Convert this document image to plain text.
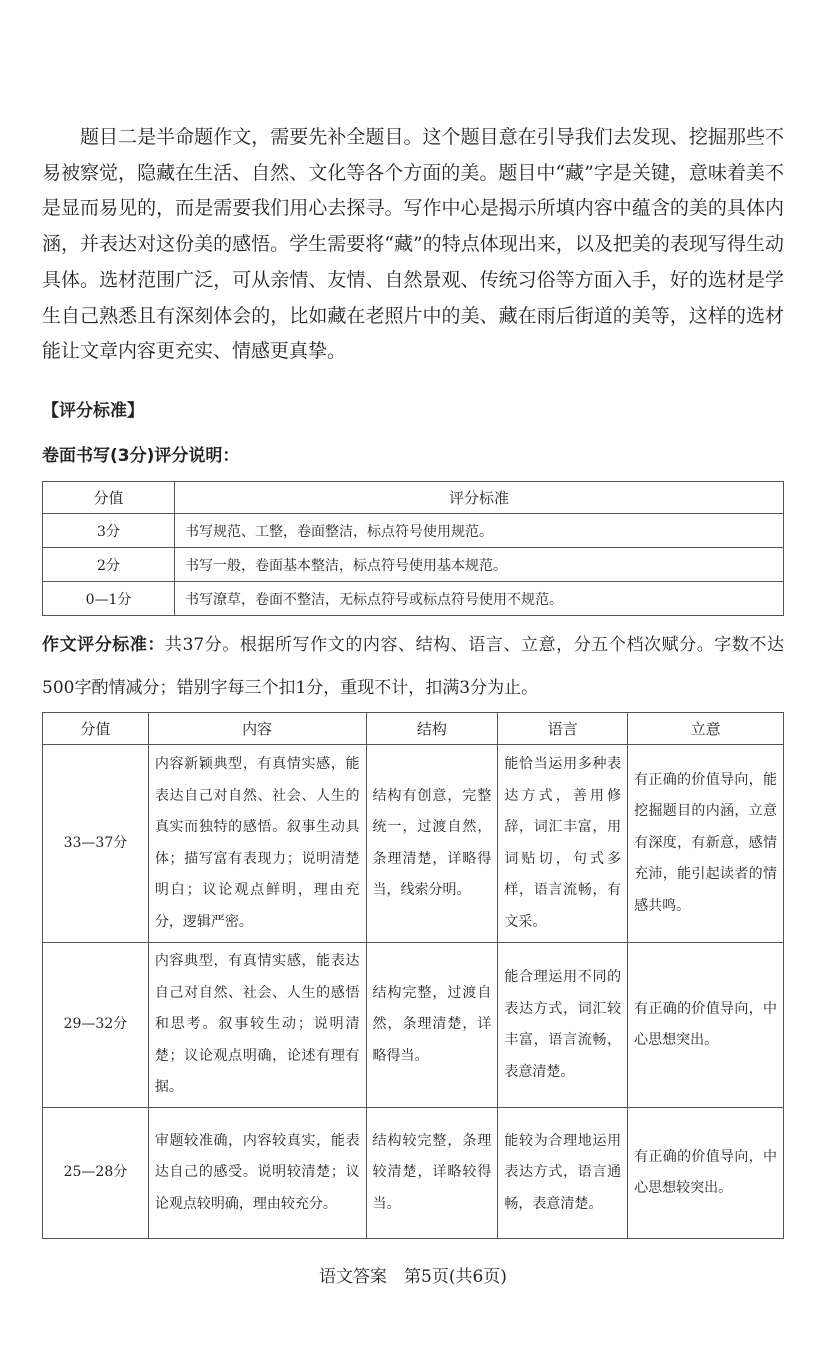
题目二是半命题作文，需要先补全题目。这个题目意在引导我们去发现、挖掘那些不易被察觉，隐藏在生活、自然、文化等各个方面的美。题目中“藏”字是关键，意味着美不是显而易见的，而是需要我们用心去探寻。写作中心是揭示所填内容中蕴含的美的具体内涵，并表达对这份美的感悟。学生需要将“藏”的特点体现出来，以及把美的表现写得生动具体。选材范围广泛，可从亲情、友情、自然景观、传统习俗等方面入手，好的选材是学生自己熟悉且有深刻体会的，比如藏在老照片中的美、藏在雨后街道的美等，这样的选材能让文章内容更充实、情感更真挚。

【评分标准】

卷面书写(3分)评分说明：

分值	评分标准
3分	书写规范、工整，卷面整洁，标点符号使用规范。
2分	书写一般，卷面基本整洁，标点符号使用基本规范。
0—1分	书写潦草，卷面不整洁，无标点符号或标点符号使用不规范。

作文评分标准：共37分。根据所写作文的内容、结构、语言、立意，分五个档次赋分。字数不达500字酌情减分；错别字每三个扣1分，重现不计，扣满3分为止。

分值	内容	结构	语言	立意
33—37分	内容新颖典型，有真情实感，能表达自己对自然、社会、人生的真实而独特的感悟。叙事生动具体；描写富有表现力；说明清楚明白；议论观点鲜明，理由充分，逻辑严密。	结构有创意，完整统一，过渡自然，条理清楚，详略得当，线索分明。	能恰当运用多种表达方式，善用修辞，词汇丰富，用词贴切，句式多样，语言流畅，有文采。	有正确的价值导向，能挖掘题目的内涵，立意有深度，有新意，感情充沛，能引起读者的情感共鸣。
29—32分	内容典型，有真情实感，能表达自己对自然、社会、人生的感悟和思考。叙事较生动；说明清楚；议论观点明确，论述有理有据。	结构完整，过渡自然，条理清楚，详略得当。	能合理运用不同的表达方式，词汇较丰富，语言流畅，表意清楚。	有正确的价值导向，中心思想突出。
25—28分	审题较准确，内容较真实，能表达自己的感受。说明较清楚；议论观点较明确，理由较充分。	结构较完整，条理较清楚，详略较得当。	能较为合理地运用表达方式，语言通畅，表意清楚。	有正确的价值导向，中心思想较突出。

语文答案　第5页(共6页)
